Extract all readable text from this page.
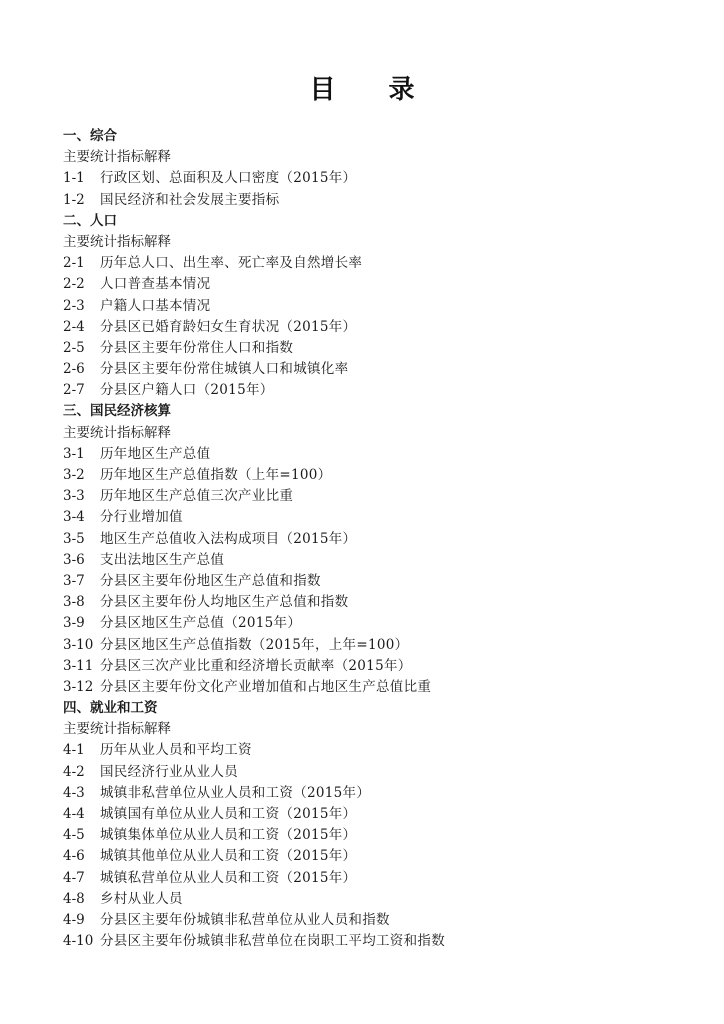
目 录
一、综合
主要统计指标解释
1-1	行政区划、总面积及人口密度（2015年）
1-2	国民经济和社会发展主要指标
二、人口
主要统计指标解释
2-1	历年总人口、出生率、死亡率及自然增长率
2-2	人口普查基本情况
2-3	户籍人口基本情况
2-4	分县区已婚育龄妇女生育状况（2015年）
2-5	分县区主要年份常住人口和指数
2-6	分县区主要年份常住城镇人口和城镇化率
2-7	分县区户籍人口（2015年）
三、国民经济核算
主要统计指标解释
3-1	历年地区生产总值
3-2	历年地区生产总值指数（上年=100）
3-3	历年地区生产总值三次产业比重
3-4	分行业增加值
3-5	地区生产总值收入法构成项目（2015年）
3-6	支出法地区生产总值
3-7	分县区主要年份地区生产总值和指数
3-8	分县区主要年份人均地区生产总值和指数
3-9	分县区地区生产总值（2015年）
3-10 分县区地区生产总值指数（2015年，上年=100）
3-11 分县区三次产业比重和经济增长贡献率（2015年）
3-12 分县区主要年份文化产业增加值和占地区生产总值比重
四、就业和工资
主要统计指标解释
4-1	历年从业人员和平均工资
4-2	国民经济行业从业人员
4-3	城镇非私营单位从业人员和工资（2015年）
4-4	城镇国有单位从业人员和工资（2015年）
4-5	城镇集体单位从业人员和工资（2015年）
4-6	城镇其他单位从业人员和工资（2015年）
4-7	城镇私营单位从业人员和工资（2015年）
4-8	乡村从业人员
4-9	分县区主要年份城镇非私营单位从业人员和指数
4-10 分县区主要年份城镇非私营单位在岗职工平均工资和指数
